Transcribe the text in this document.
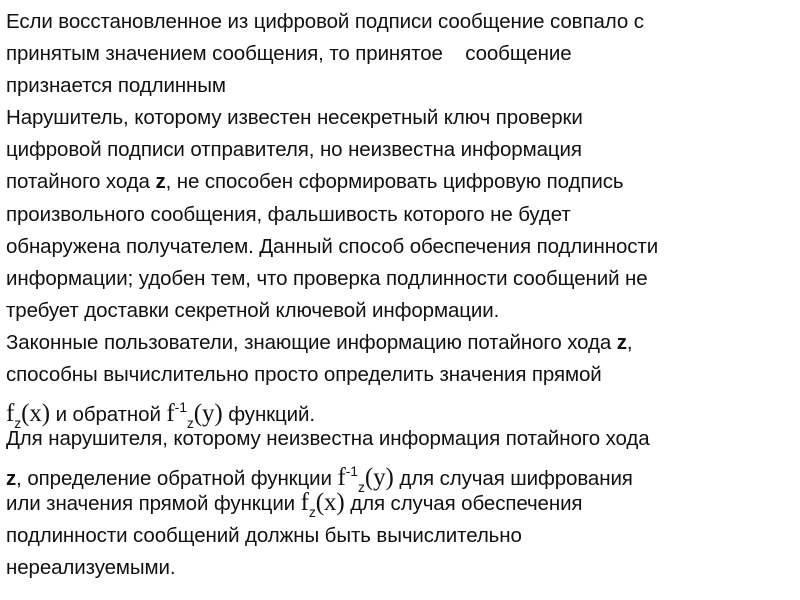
Если восстановленное из цифровой подписи сообщение совпало с
принятым значением сообщения, то принятое    сообщение
признается подлинным
Нарушитель, которому известен несекретный ключ проверки
цифровой подписи отправителя, но неизвестна информация
потайного хода z, не способен сформировать цифровую подпись
произвольного сообщения, фальшивость которого не будет
обнаружена получателем. Данный способ обеспечения подлинности
информации; удобен тем, что проверка подлинности сообщений не
требует доставки секретной ключевой информации.
Законные пользователи, знающие информацию потайного хода z,
способны вычислительно просто определить значения прямой
$f_z(x)$ и обратной $f^{-1}_z(y)$ функций.
Для нарушителя, которому неизвестна информация потайного хода
z, определение обратной функции $f^{-1}_z(y)$ для случая шифрования
или значения прямой функции $f_z(x)$ для случая обеспечения
подлинности сообщений должны быть вычислительно
нереализуемыми.
